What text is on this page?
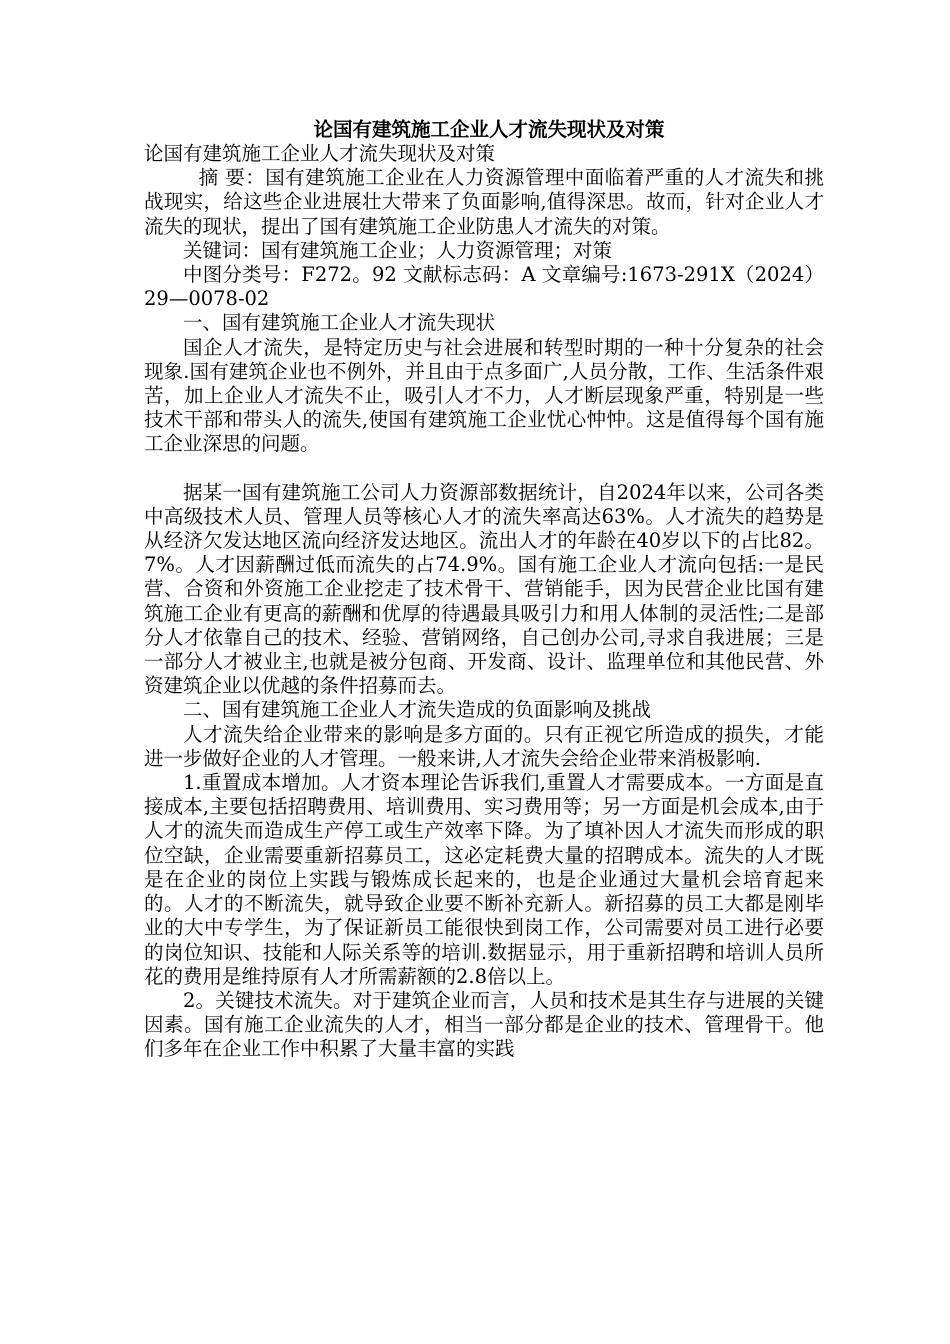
论国有建筑施工企业人才流失现状及对策

论国有建筑施工企业人才流失现状及对策

摘 要：国有建筑施工企业在人力资源管理中面临着严重的人才流失和挑战现实，给这些企业进展壮大带来了负面影响,值得深思。故而，针对企业人才流失的现状，提出了国有建筑施工企业防患人才流失的对策。

关键词：国有建筑施工企业；人力资源管理；对策

中图分类号：F272。92 文献标志码：A 文章编号:1673-291X（2024）29—0078-02

一、国有建筑施工企业人才流失现状

国企人才流失，是特定历史与社会进展和转型时期的一种十分复杂的社会现象.国有建筑企业也不例外，并且由于点多面广,人员分散，工作、生活条件艰苦，加上企业人才流失不止，吸引人才不力，人才断层现象严重，特别是一些技术干部和带头人的流失,使国有建筑施工企业忧心忡忡。这是值得每个国有施工企业深思的问题。

据某一国有建筑施工公司人力资源部数据统计，自2024年以来，公司各类中高级技术人员、管理人员等核心人才的流失率高达63%。人才流失的趋势是从经济欠发达地区流向经济发达地区。流出人才的年龄在40岁以下的占比82。7%。人才因薪酬过低而流失的占74.9%。国有施工企业人才流向包括:一是民营、合资和外资施工企业挖走了技术骨干、营销能手，因为民营企业比国有建筑施工企业有更高的薪酬和优厚的待遇最具吸引力和用人体制的灵活性;二是部分人才依靠自己的技术、经验、营销网络，自己创办公司,寻求自我进展；三是一部分人才被业主,也就是被分包商、开发商、设计、监理单位和其他民营、外资建筑企业以优越的条件招募而去。

二、国有建筑施工企业人才流失造成的负面影响及挑战

人才流失给企业带来的影响是多方面的。只有正视它所造成的损失，才能进一步做好企业的人才管理。一般来讲,人才流失会给企业带来消极影响.

1.重置成本增加。人才资本理论告诉我们,重置人才需要成本。一方面是直接成本,主要包括招聘费用、培训费用、实习费用等；另一方面是机会成本,由于人才的流失而造成生产停工或生产效率下降。为了填补因人才流失而形成的职位空缺，企业需要重新招募员工，这必定耗费大量的招聘成本。流失的人才既是在企业的岗位上实践与锻炼成长起来的，也是企业通过大量机会培育起来的。人才的不断流失，就导致企业要不断补充新人。新招募的员工大都是刚毕业的大中专学生，为了保证新员工能很快到岗工作，公司需要对员工进行必要的岗位知识、技能和人际关系等的培训.数据显示，用于重新招聘和培训人员所花的费用是维持原有人才所需薪额的2.8倍以上。

2。关键技术流失。对于建筑企业而言，人员和技术是其生存与进展的关键因素。国有施工企业流失的人才，相当一部分都是企业的技术、管理骨干。他们多年在企业工作中积累了大量丰富的实践
